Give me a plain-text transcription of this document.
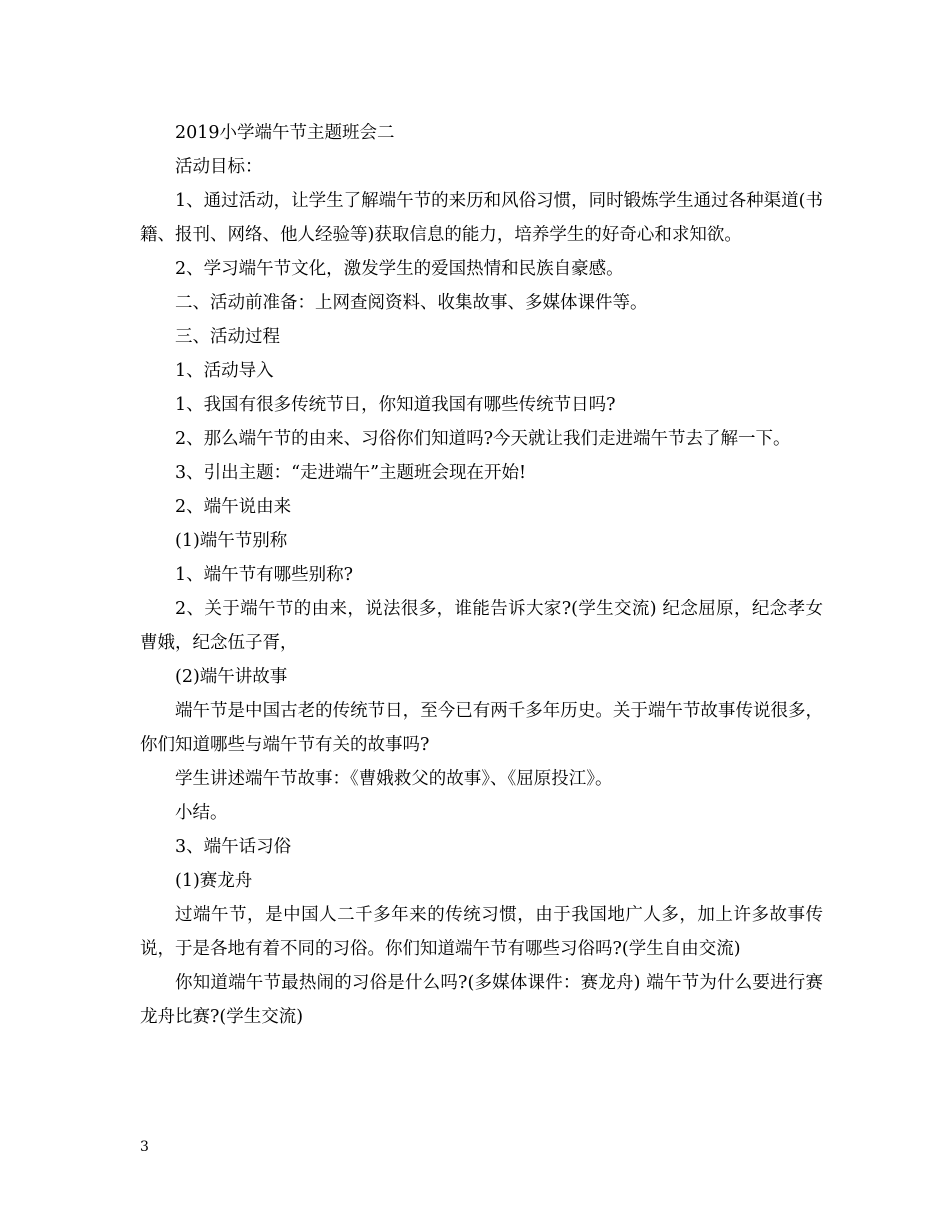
2019小学端午节主题班会二

活动目标：

1、通过活动，让学生了解端午节的来历和风俗习惯，同时锻炼学生通过各种渠道(书籍、报刊、网络、他人经验等)获取信息的能力，培养学生的好奇心和求知欲。

2、学习端午节文化，激发学生的爱国热情和民族自豪感。

二、活动前准备：上网查阅资料、收集故事、多媒体课件等。

三、活动过程

1、活动导入

1、我国有很多传统节日，你知道我国有哪些传统节日吗?

2、那么端午节的由来、习俗你们知道吗?今天就让我们走进端午节去了解一下。

3、引出主题：“走进端午”主题班会现在开始!

2、端午说由来

(1)端午节别称

1、端午节有哪些别称?

2、关于端午节的由来，说法很多，谁能告诉大家?(学生交流) 纪念屈原，纪念孝女曹娥，纪念伍子胥，

(2)端午讲故事

端午节是中国古老的传统节日，至今已有两千多年历史。关于端午节故事传说很多，你们知道哪些与端午节有关的故事吗?

学生讲述端午节故事：《曹娥救父的故事》、《屈原投江》。

小结。

3、端午话习俗

(1)赛龙舟

过端午节，是中国人二千多年来的传统习惯，由于我国地广人多，加上许多故事传说，于是各地有着不同的习俗。你们知道端午节有哪些习俗吗?(学生自由交流)

你知道端午节最热闹的习俗是什么吗?(多媒体课件：赛龙舟) 端午节为什么要进行赛龙舟比赛?(学生交流)

3
